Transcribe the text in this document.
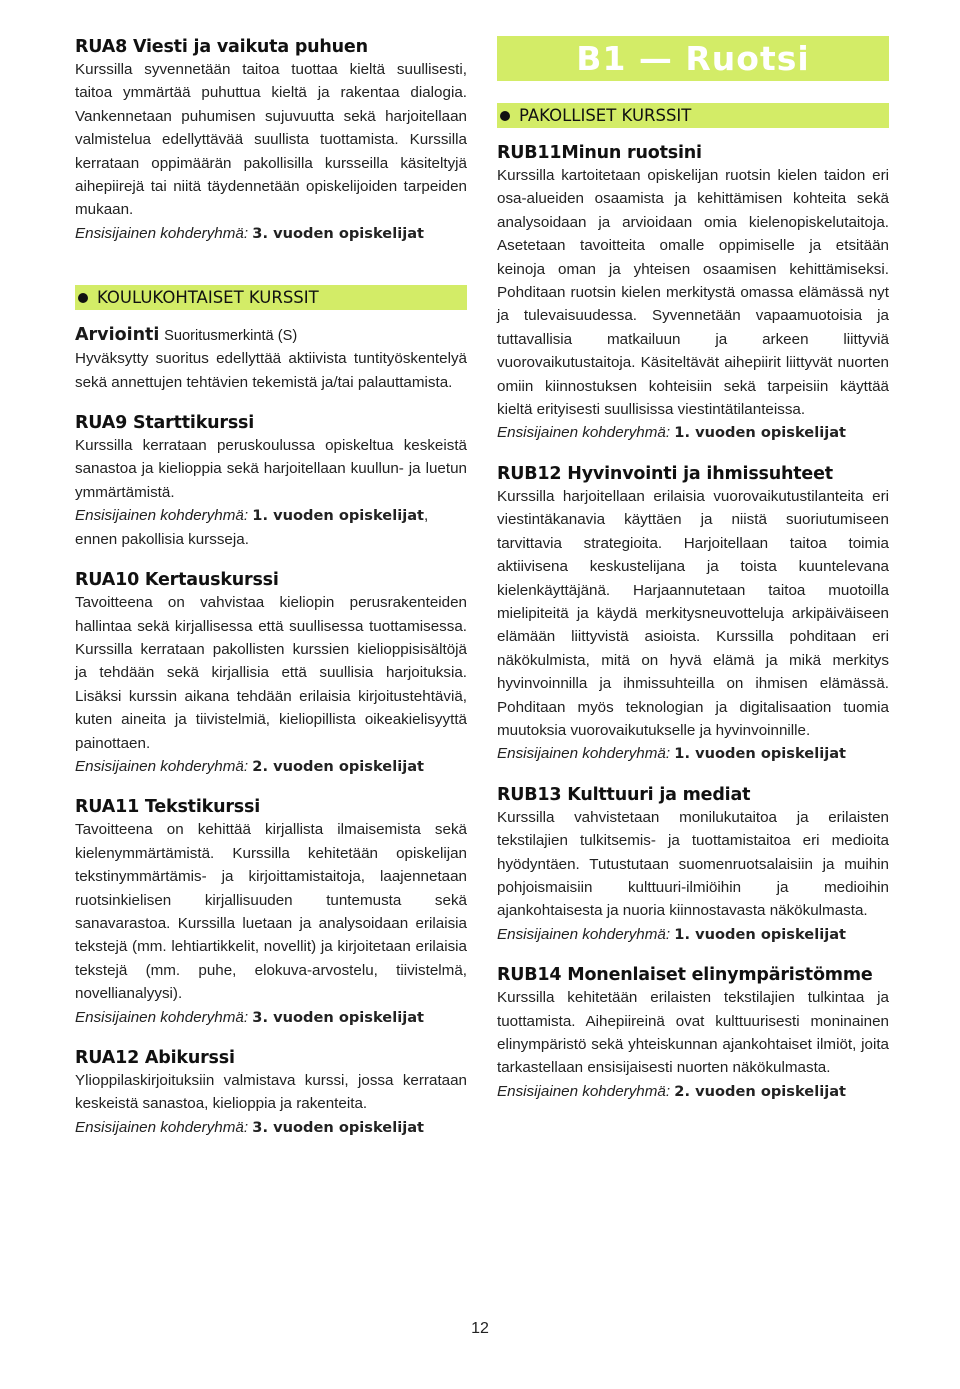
RUA8 Viesti ja vaikuta puhuen

Kurssilla syvennetään taitoa tuottaa kieltä suullisesti, taitoa ymmärtää puhuttua kieltä ja rakentaa dialogia. Vankennetaan puhumisen sujuvuutta sekä harjoitellaan valmistelua edellyttävää suullista tuottamista. Kurssilla kerrataan oppimäärän pakollisilla kursseilla käsiteltyjä aihepiirejä tai niitä täydennetään opiskelijoiden tarpeiden mukaan.

Ensisijainen kohderyhmä: 3. vuoden opiskelijat

KOULUKOHTAISET KURSSIT

Arviointi Suoritusmerkintä (S)

Hyväksytty suoritus edellyttää aktiivista tuntityöskentelyä sekä annettujen tehtävien tekemistä ja/tai palauttamista.

RUA9 Starttikurssi

Kurssilla kerrataan peruskoulussa opiskeltua keskeistä sanastoa ja kielioppia sekä harjoitellaan kuullun- ja luetun ymmärtämistä.

Ensisijainen kohderyhmä: 1. vuoden opiskelijat, ennen pakollisia kursseja.

RUA10 Kertauskurssi

Tavoitteena on vahvistaa kieliopin perusrakenteiden hallintaa sekä kirjallisessa että suullisessa tuottamisessa. Kurssilla kerrataan pakollisten kurssien kielioppisisältöjä ja tehdään sekä kirjallisia että suullisia harjoituksia. Lisäksi kurssin aikana tehdään erilaisia kirjoitustehtäviä, kuten aineita ja tiivistelmiä, kieliopillista oikeakielisyyttä painottaen.

Ensisijainen kohderyhmä: 2. vuoden opiskelijat

RUA11 Tekstikurssi

Tavoitteena on kehittää kirjallista ilmaisemista sekä kielenymmärtämistä. Kurssilla kehitetään opiskelijan tekstinymmärtämis- ja kirjoittamistaitoja, laajennetaan ruotsinkielisen kirjallisuuden tuntemusta sekä sanavarastoa. Kurssilla luetaan ja analysoidaan erilaisia tekstejä (mm. lehtiartikkelit, novellit) ja kirjoitetaan erilaisia tekstejä (mm. puhe, elokuva-arvostelu, tiivistelmä, novellianalyysi).

Ensisijainen kohderyhmä: 3. vuoden opiskelijat

RUA12 Abikurssi

Ylioppilaskirjoituksiin valmistava kurssi, jossa kerrataan keskeistä sanastoa, kielioppia ja rakenteita.

Ensisijainen kohderyhmä: 3. vuoden opiskelijat

B1 — Ruotsi
PAKOLLISET KURSSIT
RUB11Minun ruotsini

Kurssilla kartoitetaan opiskelijan ruotsin kielen taidon eri osa-alueiden osaamista ja kehittämisen kohteita sekä analysoidaan ja arvioidaan omia kielenopiskelutaitoja. Asetetaan tavoitteita omalle oppimiselle ja etsitään keinoja oman ja yhteisen osaamisen kehittämiseksi. Pohditaan ruotsin kielen merkitystä omassa elämässä nyt ja tulevaisuudessa. Syvennetään vapaamuotoisia ja tuttavallisia matkailuun ja arkeen liittyviä vuorovaikutustaitoja. Käsiteltävät aihepiirit liittyvät nuorten omiin kiinnostuksen kohteisiin sekä tarpeisiin käyttää kieltä erityisesti suullisissa viestintätilanteissa.

Ensisijainen kohderyhmä: 1. vuoden opiskelijat

RUB12 Hyvinvointi ja ihmissuhteet

Kurssilla harjoitellaan erilaisia vuorovaikutustilanteita eri viestintäkanavia käyttäen ja niistä suoriutumiseen tarvittavia strategioita. Harjoitellaan taitoa toimia aktiivisena keskustelijana ja toista kuuntelevana kielenkäyttäjänä. Harjaannutetaan taitoa muotoilla mielipiteitä ja käydä merkitysneuvotteluja arkipäiväiseen elämään liittyvistä asioista. Kurssilla pohditaan eri näkökulmista, mitä on hyvä elämä ja mikä merkitys hyvinvoinnilla ja ihmissuhteilla on ihmisen elämässä. Pohditaan myös teknologian ja digitalisaation tuomia muutoksia vuorovaikutukselle ja hyvinvoinnille.

Ensisijainen kohderyhmä: 1. vuoden opiskelijat

RUB13 Kulttuuri ja mediat

Kurssilla vahvistetaan monilukutaitoa ja erilaisten tekstilajien tulkitsemis- ja tuottamistaitoa eri medioita hyödyntäen. Tutustutaan suomenruotsalaisiin ja muihin pohjoismaisiin kulttuuri-ilmiöihin ja medioihin ajankohtaisesta ja nuoria kiinnostavasta näkökulmasta.

Ensisijainen kohderyhmä: 1. vuoden opiskelijat

RUB14 Monenlaiset elinympäristömme

Kurssilla kehitetään erilaisten tekstilajien tulkintaa ja tuottamista. Aihepiireinä ovat kulttuurisesti moninainen elinympäristö sekä yhteiskunnan ajankohtaiset ilmiöt, joita tarkastellaan ensisijaisesti nuorten näkökulmasta.

Ensisijainen kohderyhmä: 2. vuoden opiskelijat

12
